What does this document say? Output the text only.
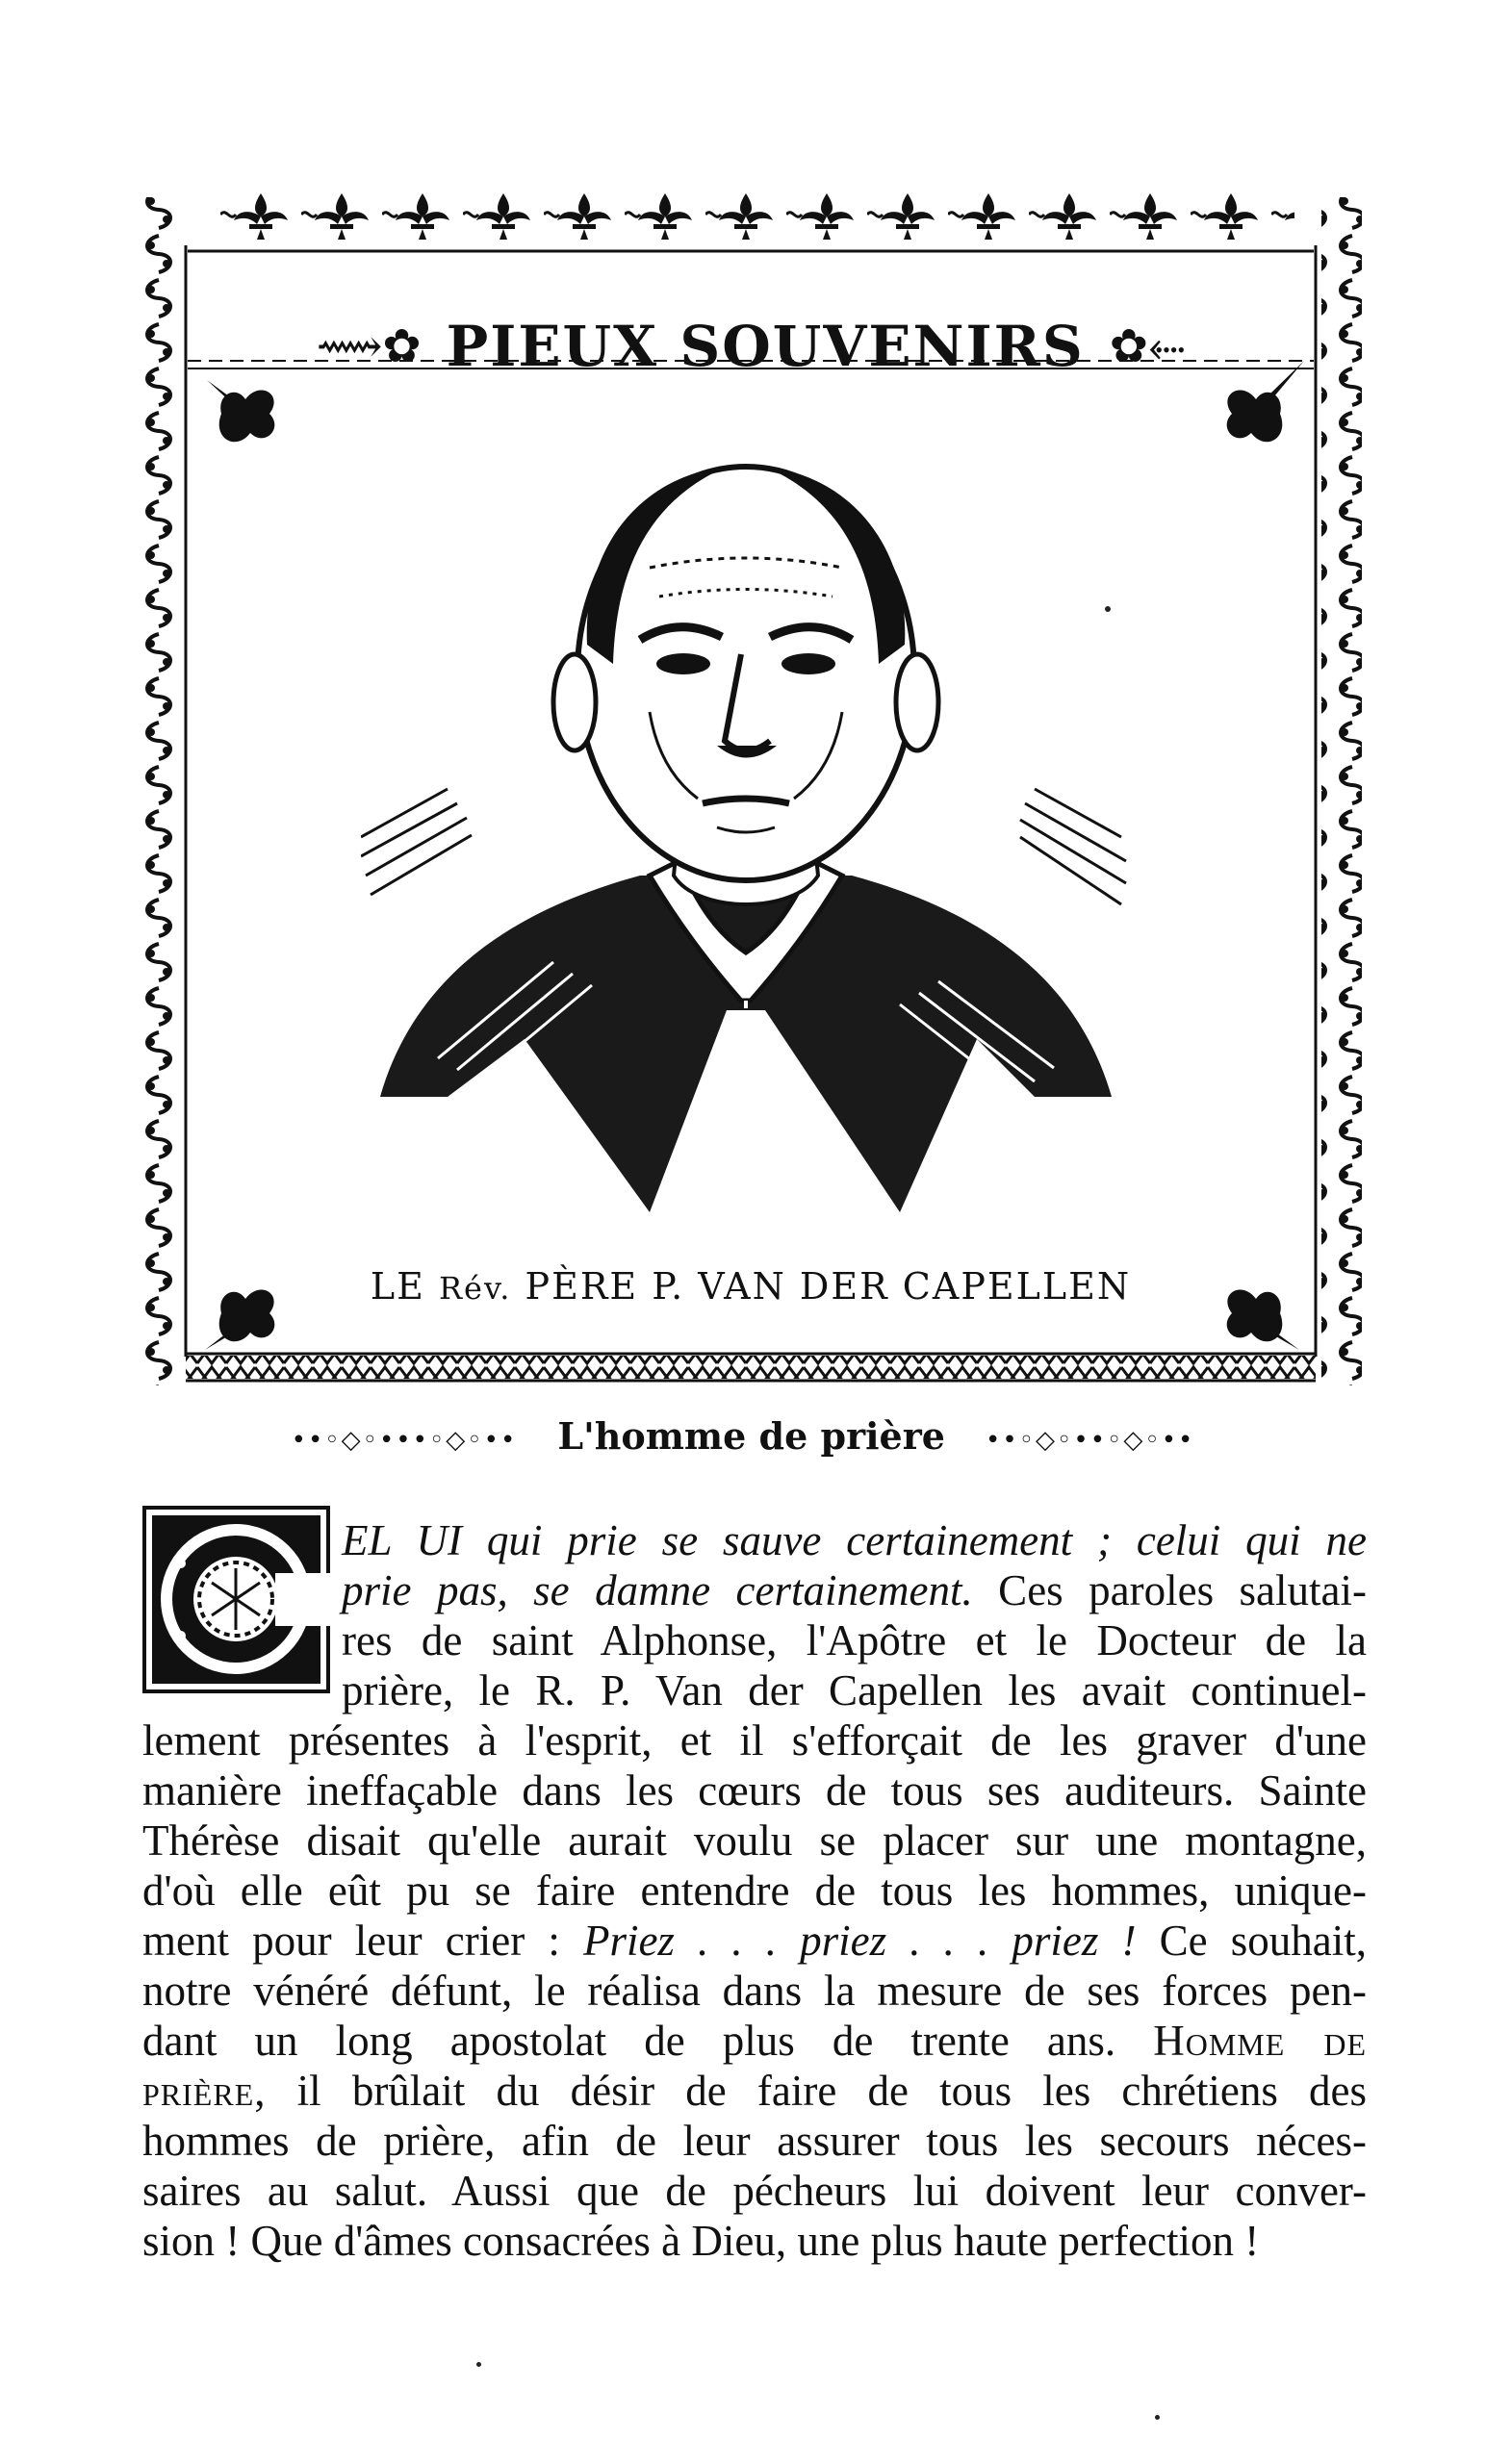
⟿✿ PIEUX SOUVENIRS ✿⬸
LE Rév. PÈRE P. VAN DER CAPELLEN
••◦◇◦•••◦◇◦•• L'homme de prière ••◦◇◦••◦◇◦••

EL UI qui prie se sauve certainement ; celui qui ne

prie pas, se damne certainement. Ces paroles salutai-

res de saint Alphonse, l'Apôtre et le Docteur de la

prière, le R. P. Van der Capellen les avait continuel-

lement présentes à l'esprit, et il s'efforçait de les graver d'une

manière ineffaçable dans les cœurs de tous ses auditeurs. Sainte

Thérèse disait qu'elle aurait voulu se placer sur une montagne,

d'où elle eût pu se faire entendre de tous les hommes, unique-

ment pour leur crier : Priez . . . priez . . . priez ! Ce souhait,

notre vénéré défunt, le réalisa dans la mesure de ses forces pen-

dant un long apostolat de plus de trente ans. Homme de

prière, il brûlait du désir de faire de tous les chrétiens des

hommes de prière, afin de leur assurer tous les secours néces-

saires au salut. Aussi que de pécheurs lui doivent leur conver-

sion ! Que d'âmes consacrées à Dieu, une plus haute perfection !
